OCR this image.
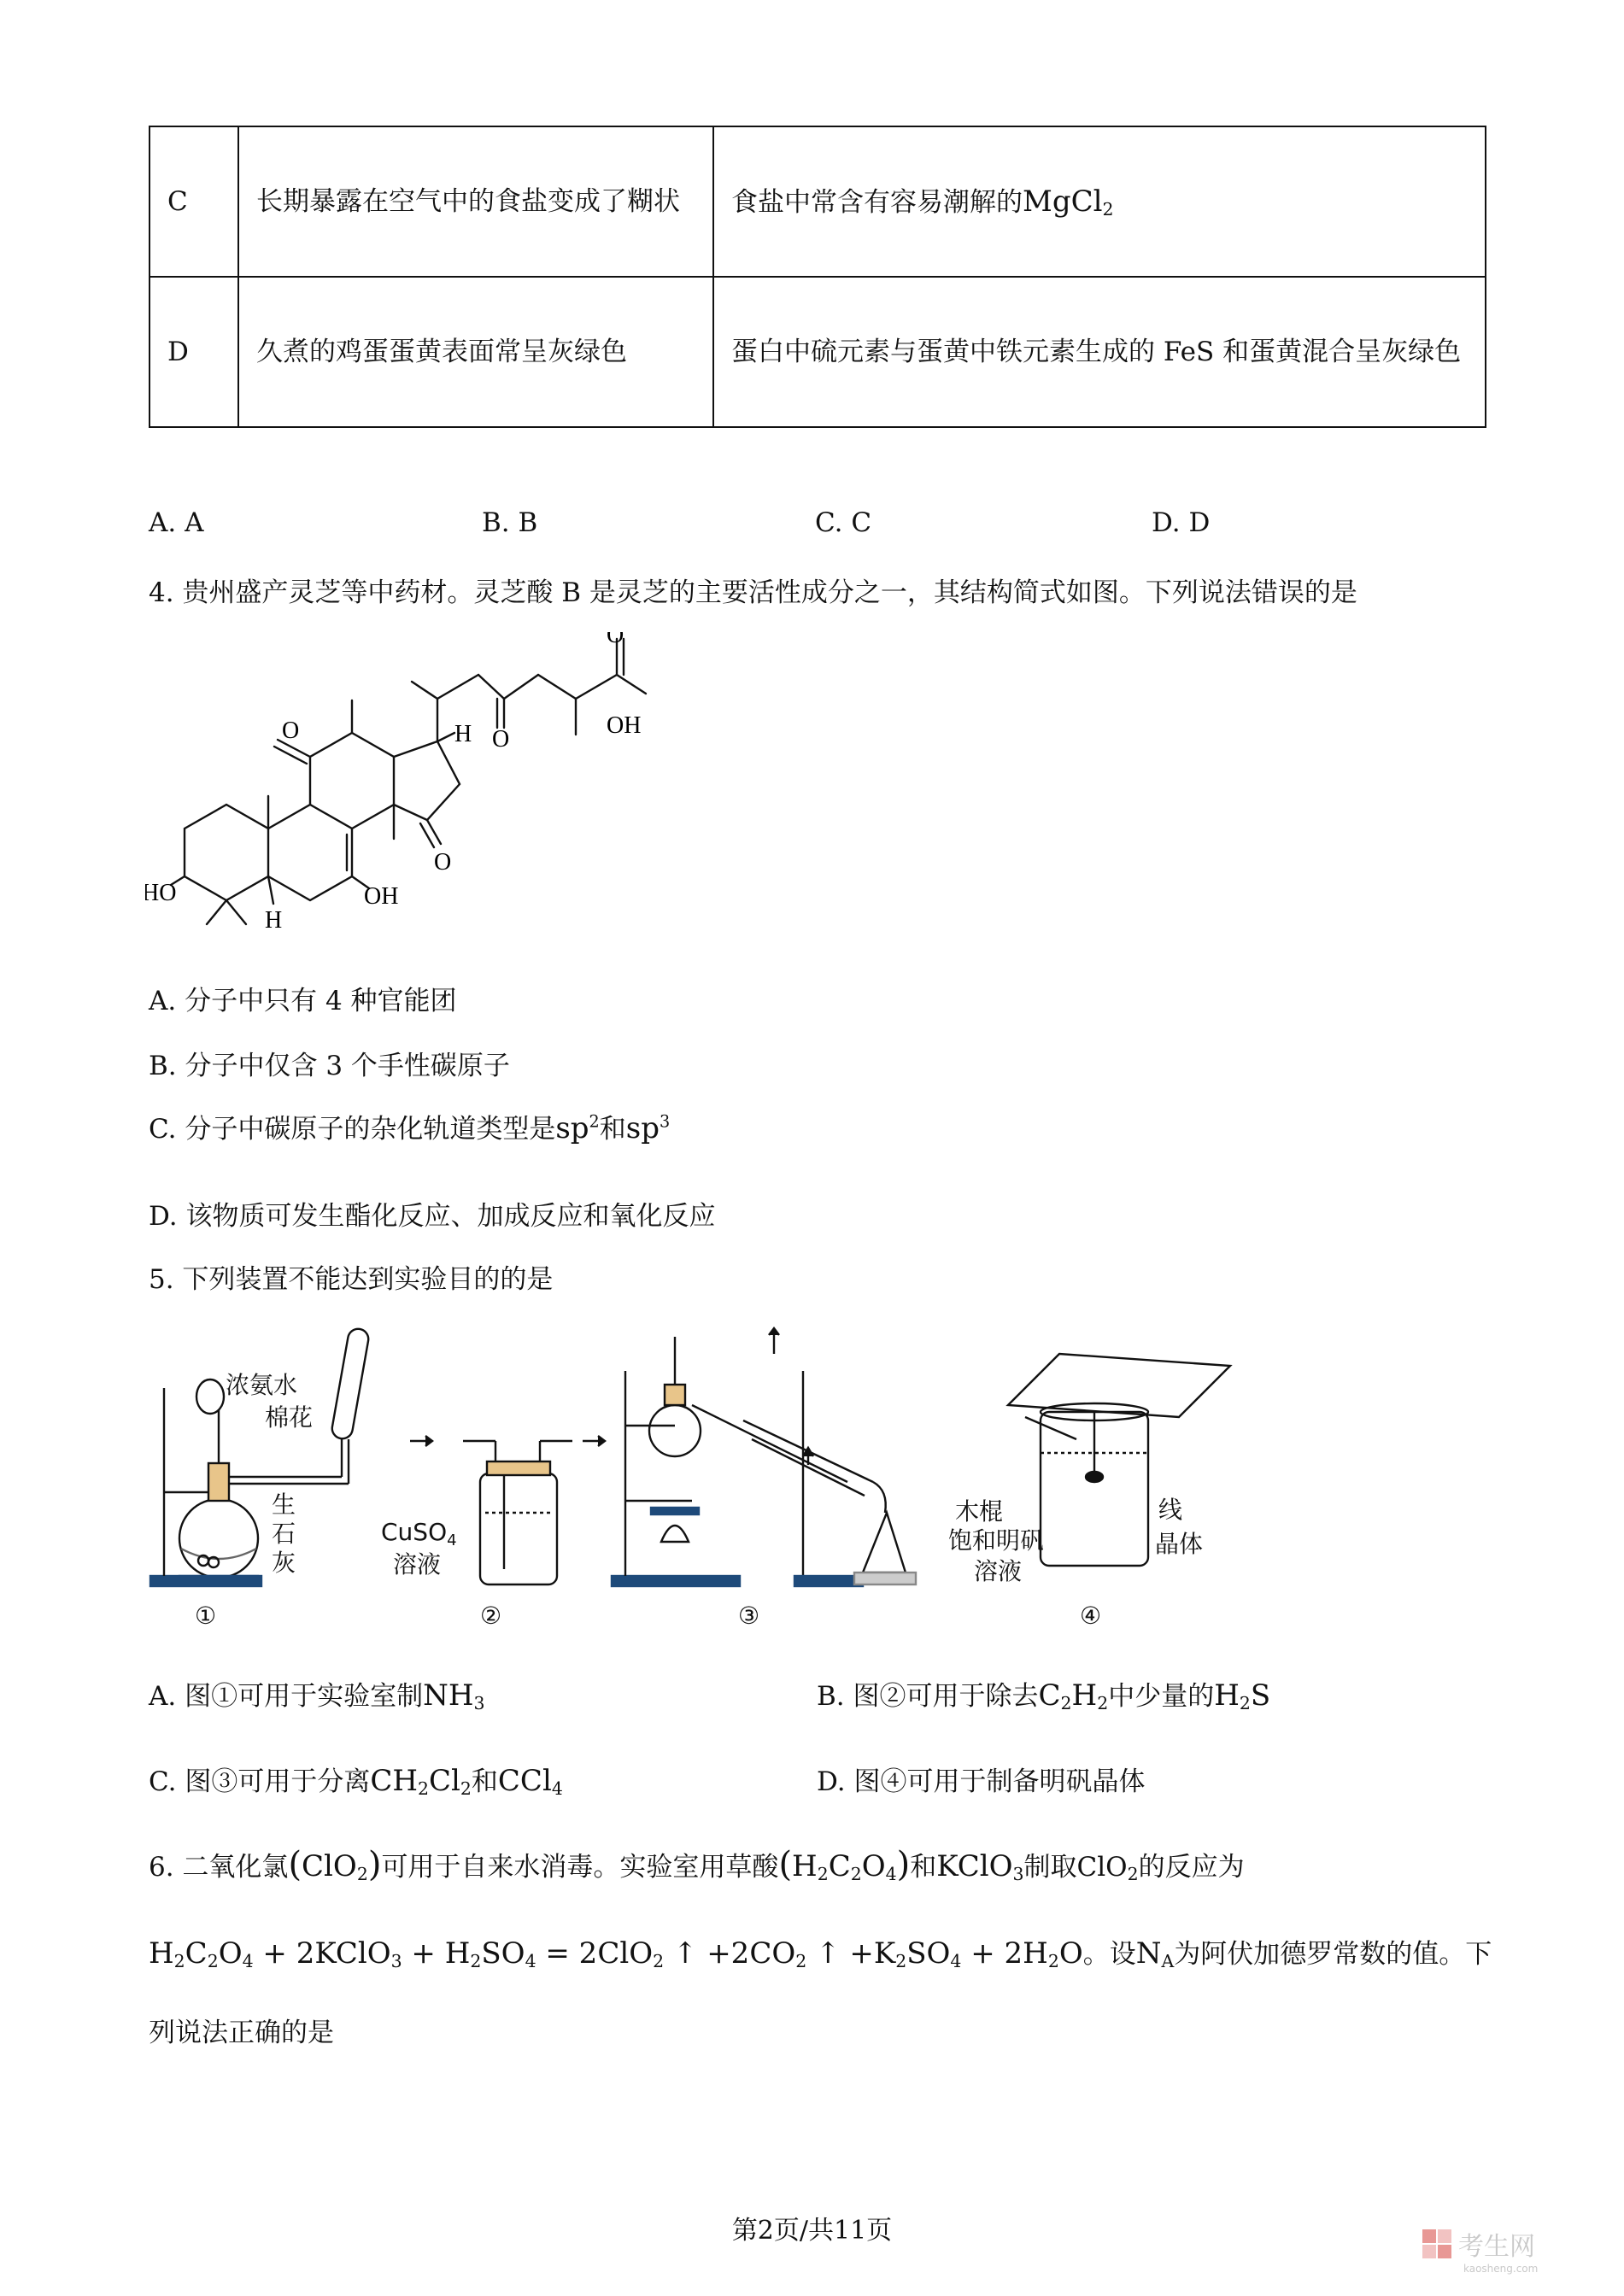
C	长期暴露在空气中的食盐变成了糊状	食盐中常含有容易潮解的MgCl$_2$
D	久煮的鸡蛋蛋黄表面常呈灰绿色	蛋白中硫元素与蛋黄中铁元素生成的 FeS 和蛋黄混合呈灰绿色
A. A	B. B	C. C	D. D
4. 贵州盛产灵芝等中药材。灵芝酸 B 是灵芝的主要活性成分之一，其结构简式如图。下列说法错误的是
O
O
OH
O
H
O
HO
H
OH
A. 分子中只有 4 种官能团
B. 分子中仅含 3 个手性碳原子
C. 分子中碳原子的杂化轨道类型是$sp^2$和$sp^3$
D. 该物质可发生酯化反应、加成反应和氧化反应
5. 下列装置不能达到实验目的的是
浓氨水
棉花
生
石
灰
CuSO$_4$
溶液
木棍	线
晶体
饱和明矾
溶液
①	②	③	④
A. 图①可用于实验室制$NH_3$	B. 图②可用于除去$C_2H_2$中少量的$H_2S$
C. 图③可用于分离$CH_2Cl_2$和CCl$_4$	D. 图④可用于制备明矾晶体
6. 二氧化氯(ClO$_2$)可用于自来水消毒。实验室用草酸$(H_2C_2O_4)$和KClO$_3$制取ClO$_2$的反应为
$H_2C_2O_4$ + 2KClO$_3$ + $H_2SO_4 = 2ClO_2$ ↑ $+2CO_2$ ↑ $+K_2SO_4 + 2H_2O$。设$N_A$为阿伏加德罗常数的值。下
列说法正确的是
第2页/共11页
考生网
kaosheng.com
